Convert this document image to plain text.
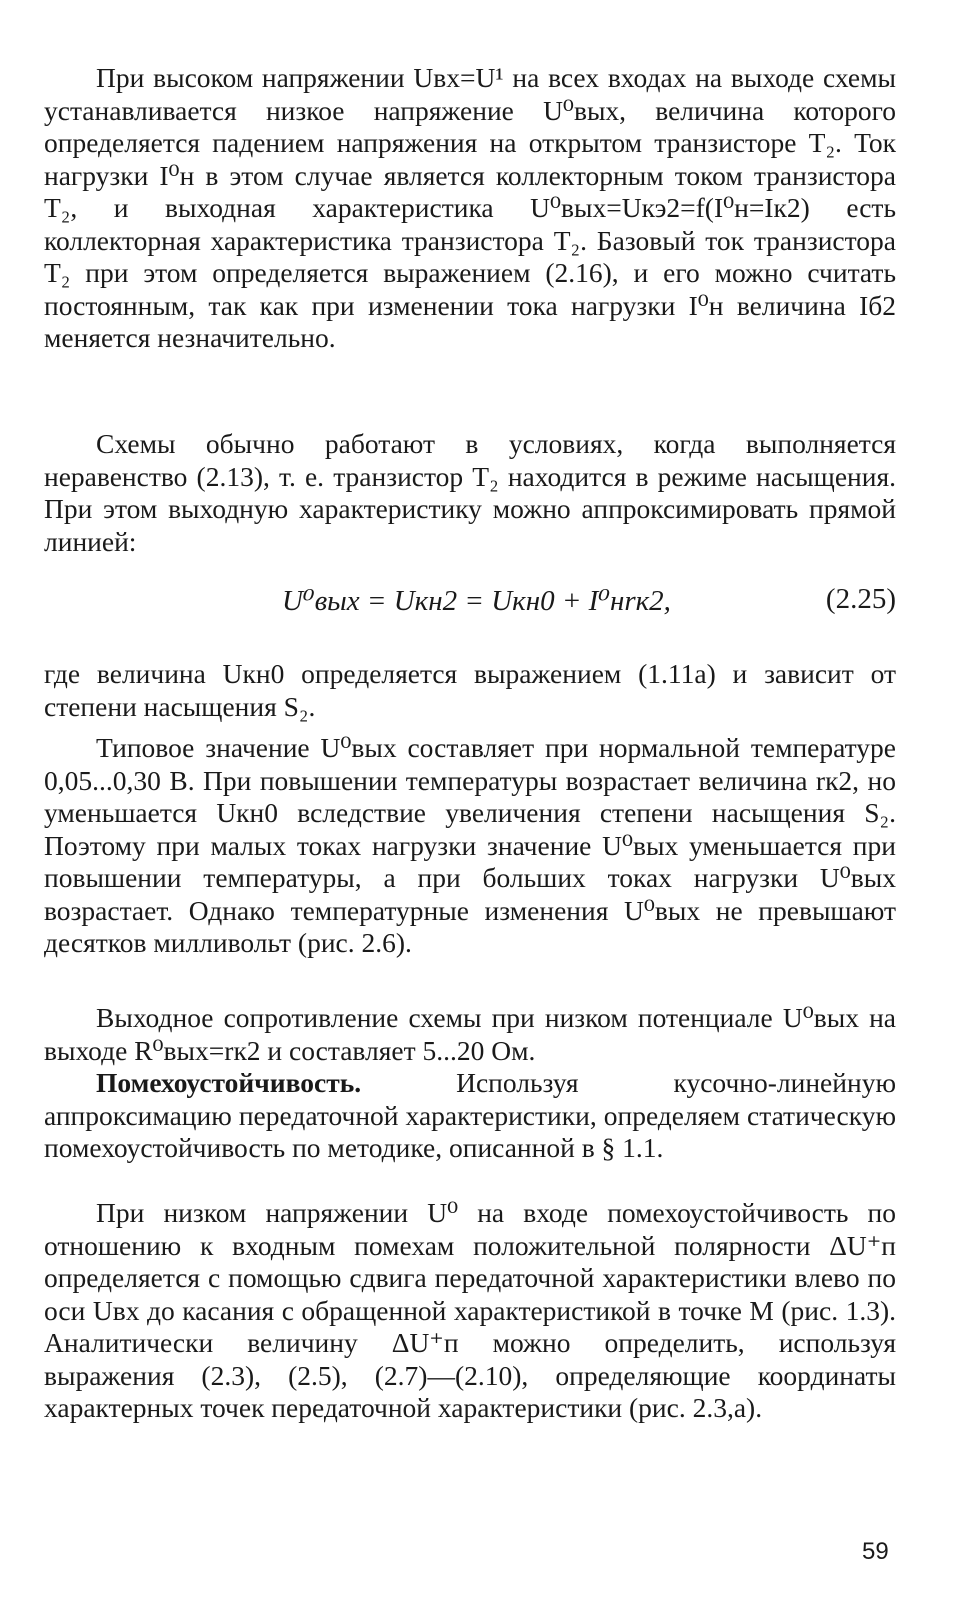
При высоком напряжении Uвх=U¹ на всех входах на выходе схемы устанавливается низкое напряжение U⁰вых, величина которого определяется падением напряжения на открытом транзисторе T₂. Ток нагрузки I⁰н в этом случае является коллекторным током транзистора T₂, и выходная характеристика U⁰вых=Uкэ2=f(I⁰н=Iк2) есть коллекторная характеристика транзистора T₂. Базовый ток транзистора T₂ при этом определяется выражением (2.16), и его можно считать постоянным, так как при изменении тока нагрузки I⁰н величина Iб2 меняется незначительно.

Схемы обычно работают в условиях, когда выполняется неравенство (2.13), т. е. транзистор T₂ находится в режиме насыщения. При этом выходную характеристику можно аппроксимировать прямой линией:

U⁰вых = Uкн2 = Uкн0 + I⁰нrк2,	(2.25)

где величина Uкн0 определяется выражением (1.11а) и зависит от степени насыщения S₂.

Типовое значение U⁰вых составляет при нормальной температуре 0,05...0,30 В. При повышении температуры возрастает величина rк2, но уменьшается Uкн0 вследствие увеличения степени насыщения S₂. Поэтому при малых токах нагрузки значение U⁰вых уменьшается при повышении температуры, а при больших токах нагрузки U⁰вых возрастает. Однако температурные изменения U⁰вых не превышают десятков милливольт (рис. 2.6).

Выходное сопротивление схемы при низком потенциале U⁰вых на выходе R⁰вых=rк2 и составляет 5...20 Ом.

Помехоустойчивость.	Используя кусочно-линейную аппроксимацию передаточной характеристики, определяем статическую помехоустойчивость по методике, описанной в § 1.1.

При низком напряжении U⁰ на входе помехоустойчивость по отношению к входным помехам положительной полярности ΔU⁺п определяется с помощью сдвига передаточной характеристики влево по оси Uвх до касания с обращенной характеристикой в точке M (рис. 1.3). Аналитически величину ΔU⁺п можно определить, используя выражения (2.3), (2.5), (2.7)—(2.10), определяющие координаты характерных точек передаточной характеристики (рис. 2.3,а).

59
